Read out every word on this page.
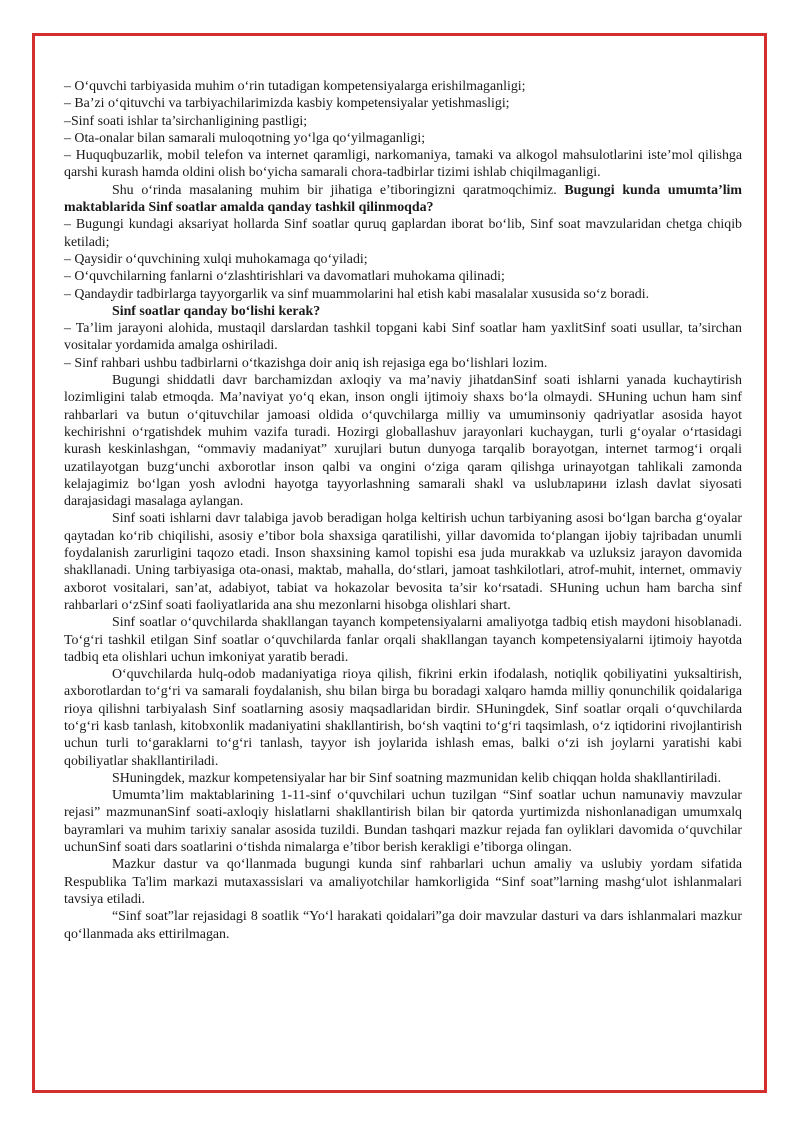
– O‘quvchi tarbiyasida muhim o‘rin tutadigan kompetensiyalarga erishilmaganligi;

– Ba’zi o‘qituvchi va tarbiyachilarimizda kasbiy kompetensiyalar yetishmasligi;

–Sinf soati ishlar ta’sirchanligining pastligi;

– Ota-onalar bilan samarali muloqotning yo‘lga qo‘yilmaganligi;

– Huquqbuzarlik, mobil telefon va internet qaramligi, narkomaniya, tamaki va alkogol mahsulotlarini iste’mol qilishga qarshi kurash hamda oldini olish bo‘yicha samarali chora-tadbirlar tizimi ishlab chiqilmaganligi.

Shu o‘rinda masalaning muhim bir jihatiga e’tiboringizni qaratmoqchimiz. Bugungi kunda umumta’lim maktablarida Sinf soatlar amalda qanday tashkil qilinmoqda?

– Bugungi kundagi aksariyat hollarda Sinf soatlar quruq gaplardan iborat bo‘lib, Sinf soat mavzularidan chetga chiqib ketiladi;

– Qaysidir o‘quvchining xulqi muhokamaga qo‘yiladi;

– O‘quvchilarning fanlarni o‘zlashtirishlari va davomatlari muhokama qilinadi;

– Qandaydir tadbirlarga tayyorgarlik va sinf muammolarini hal etish kabi masalalar xususida so‘z boradi.

Sinf soatlar qanday bo‘lishi kerak?

– Ta’lim jarayoni alohida, mustaqil darslardan tashkil topgani kabi Sinf soatlar ham yaxlitSinf soati usullar, ta’sirchan vositalar yordamida amalga oshiriladi.

– Sinf rahbari ushbu tadbirlarni o‘tkazishga doir aniq ish rejasiga ega bo‘lishlari lozim.

Bugungi shiddatli davr barchamizdan axloqiy va ma’naviy jihatdanSinf soati ishlarni yanada kuchaytirish lozimligini talab etmoqda. Ma’naviyat yo‘q ekan, inson ongli ijtimoiy shaxs bo‘la olmaydi. SHuning uchun ham sinf rahbarlari va butun o‘qituvchilar jamoasi oldida o‘quvchilarga milliy va umuminsoniy qadriyatlar asosida hayot kechirishni o‘rgatishdek muhim vazifa turadi. Hozirgi globallashuv jarayonlari kuchaygan, turli g‘oyalar o‘rtasidagi kurash keskinlashgan, “ommaviy madaniyat” xurujlari butun dunyoga tarqalib borayotgan, internet tarmog‘i orqali uzatilayotgan buzg‘unchi axborotlar inson qalbi va ongini o‘ziga qaram qilishga urinayotgan tahlikali zamonda kelajagimiz bo‘lgan yosh avlodni hayotga tayyorlashning samarali shakl va uslubларини izlash davlat siyosati darajasidagi masalaga aylangan.

Sinf soati ishlarni davr talabiga javob beradigan holga keltirish uchun tarbiyaning asosi bo‘lgan barcha g‘oyalar qaytadan ko‘rib chiqilishi, asosiy e’tibor bola shaxsiga qaratilishi, yillar davomida to‘plangan ijobiy tajribadan unumli foydalanish zarurligini taqozo etadi. Inson shaxsining kamol topishi esa juda murakkab va uzluksiz jarayon davomida shakllanadi. Uning tarbiyasiga ota-onasi, maktab, mahalla, do‘stlari, jamoat tashkilotlari, atrof-muhit, internet, ommaviy axborot vositalari, san’at, adabiyot, tabiat va hokazolar bevosita ta’sir ko‘rsatadi. SHuning uchun ham barcha sinf rahbarlari o‘zSinf soati faoliyatlarida ana shu mezonlarni hisobga olishlari shart.

Sinf soatlar o‘quvchilarda shakllangan tayanch kompetensiyalarni amaliyotga tadbiq etish maydoni hisoblanadi. To‘g‘ri tashkil etilgan Sinf soatlar o‘quvchilarda fanlar orqali shakllangan tayanch kompetensiyalarni ijtimoiy hayotda tadbiq eta olishlari uchun imkoniyat yaratib beradi.

O‘quvchilarda hulq-odob madaniyatiga rioya qilish, fikrini erkin ifodalash, notiqlik qobiliyatini yuksaltirish, axborotlardan to‘g‘ri va samarali foydalanish, shu bilan birga bu boradagi xalqaro hamda milliy qonunchilik qoidalariga rioya qilishni tarbiyalash Sinf soatlarning asosiy maqsadlaridan birdir. SHuningdek, Sinf soatlar orqali o‘quvchilarda to‘g‘ri kasb tanlash, kitobxonlik madaniyatini shakllantirish, bo‘sh vaqtini to‘g‘ri taqsimlash, o‘z iqtidorini rivojlantirish uchun turli to‘garaklarni to‘g‘ri tanlash, tayyor ish joylarida ishlash emas, balki o‘zi ish joylarni yaratishi kabi qobiliyatlar shakllantiriladi.

SHuningdek, mazkur kompetensiyalar har bir Sinf soatning mazmunidan kelib chiqqan holda shakllantiriladi.

Umumta’lim maktablarining 1-11-sinf o‘quvchilari uchun tuzilgan “Sinf soatlar uchun namunaviy mavzular rejasi” mazmunanSinf soati-axloqiy hislatlarni shakllantirish bilan bir qatorda yurtimizda nishonlanadigan umumxalq bayramlari va muhim tarixiy sanalar asosida tuzildi. Bundan tashqari mazkur rejada fan oyliklari davomida o‘quvchilar uchunSinf soati dars soatlarini o‘tishda nimalarga e’tibor berish kerakligi e’tiborga olingan.

Mazkur dastur va qo‘llanmada bugungi kunda sinf rahbarlari uchun amaliy va uslubiy yordam sifatida Respublika Ta'lim markazi mutaxassislari va amaliyotchilar hamkorligida “Sinf soat”larning mashg‘ulot ishlanmalari tavsiya etiladi.

“Sinf soat”lar rejasidagi 8 soatlik “Yo‘l harakati qoidalari”ga doir mavzular dasturi va dars ishlanmalari mazkur qo‘llanmada aks ettirilmagan.
